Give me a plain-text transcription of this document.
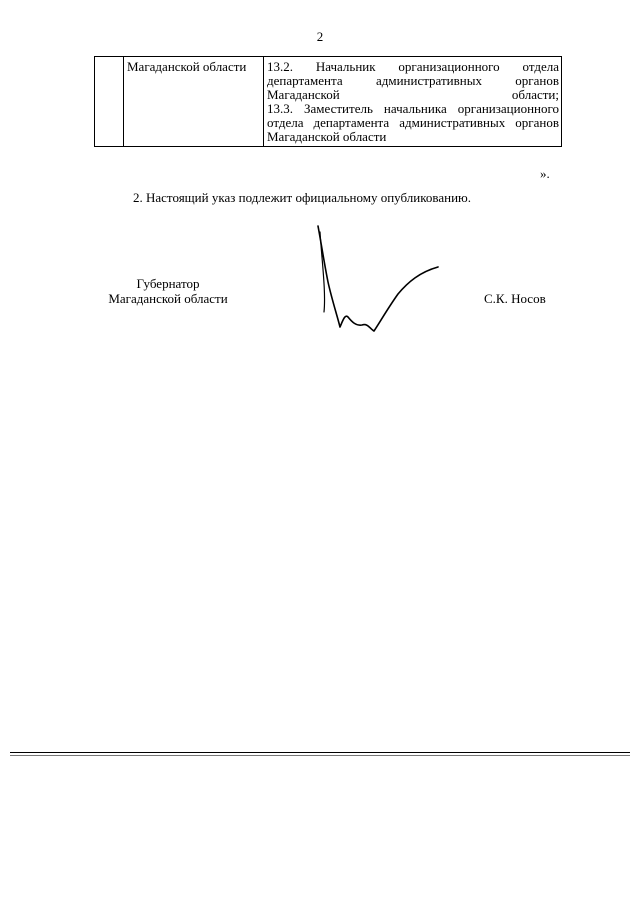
2
	Магаданской области	13.2. Начальник организационного отдела департамента административных органов Магаданской области;
13.3. Заместитель начальника организационного отдела департамента административных органов Магаданской области
».
2. Настоящий указ подлежит официальному опубликованию.
Губернатор
Магаданской области	С.К. Носов
